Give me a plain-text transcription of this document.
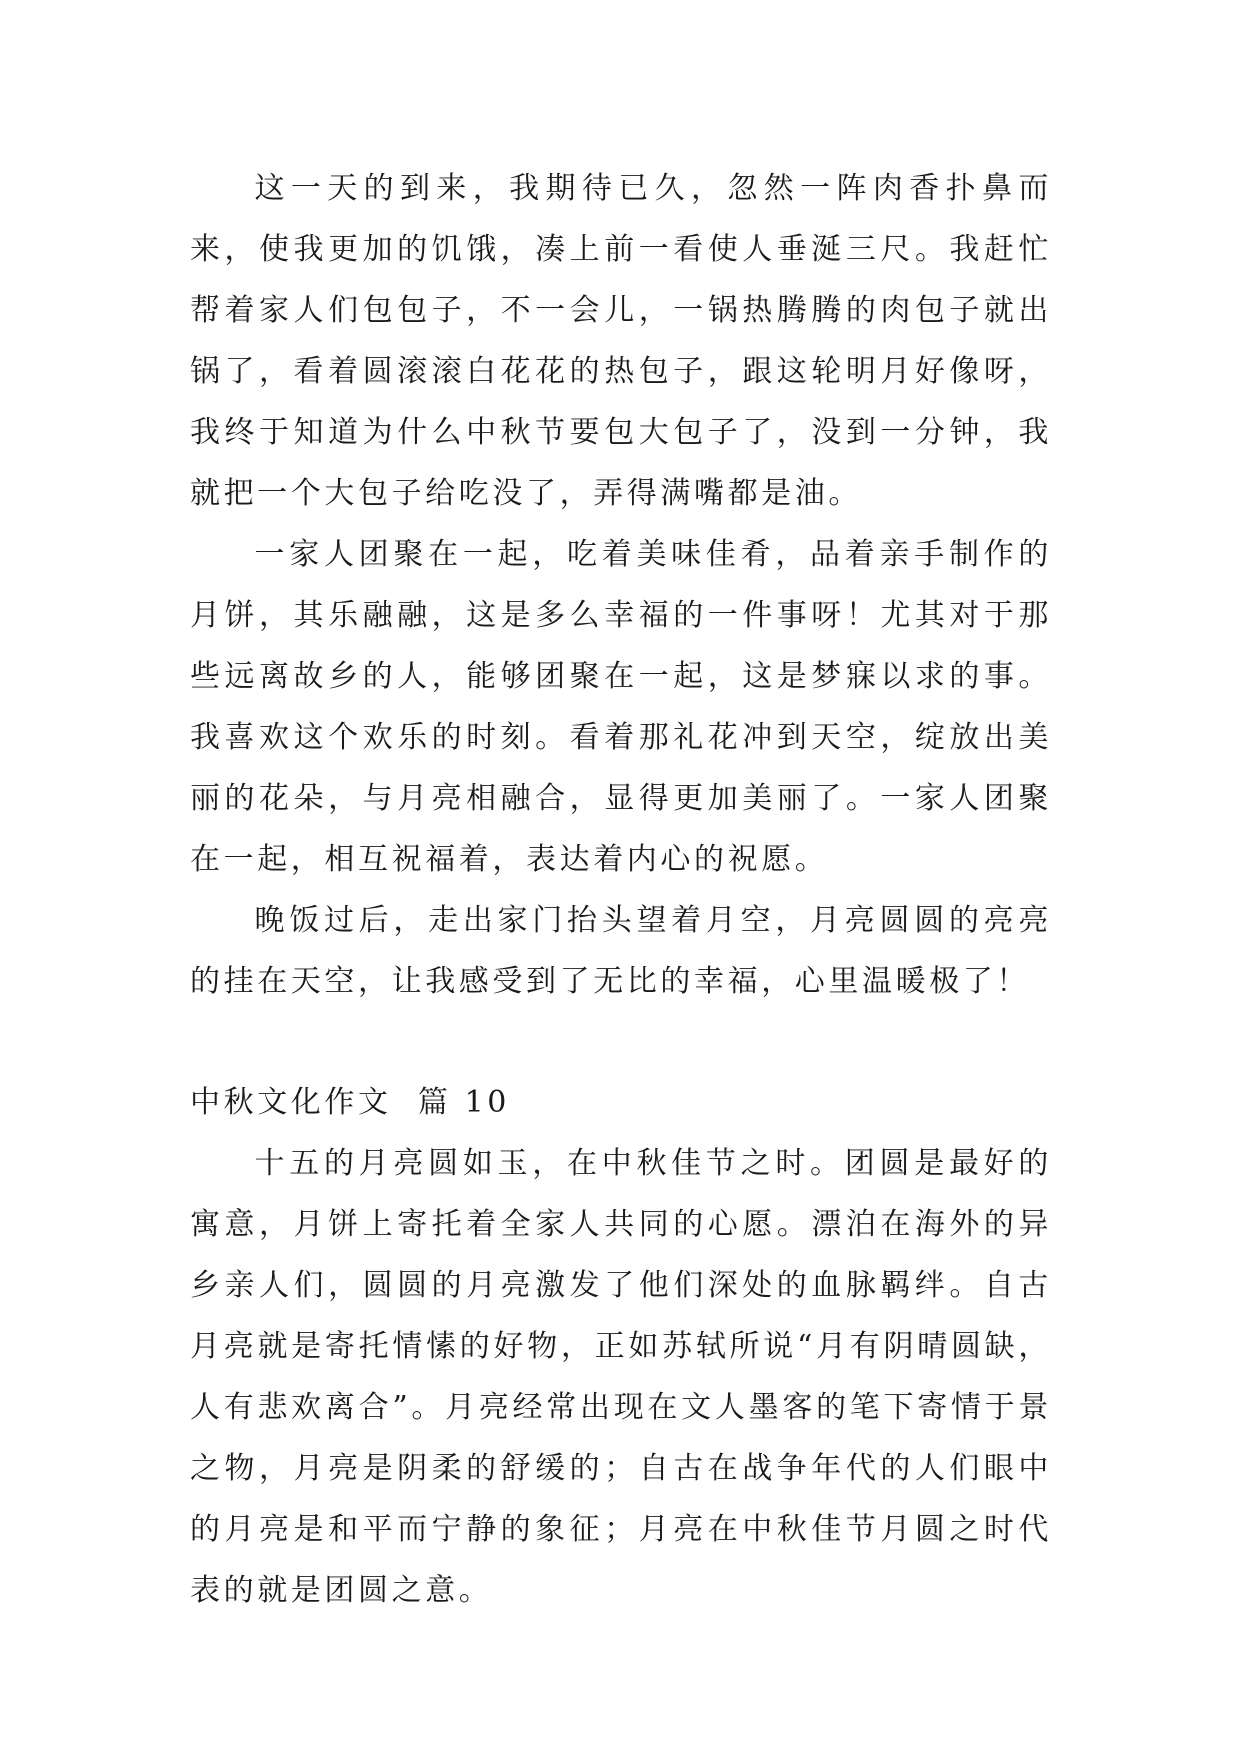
这一天的到来，我期待已久，忽然一阵肉香扑鼻而来，使我更加的饥饿，凑上前一看使人垂涎三尺。我赶忙帮着家人们包包子，不一会儿，一锅热腾腾的肉包子就出锅了，看着圆滚滚白花花的热包子，跟这轮明月好像呀，我终于知道为什么中秋节要包大包子了，没到一分钟，我就把一个大包子给吃没了，弄得满嘴都是油。

一家人团聚在一起，吃着美味佳肴，品着亲手制作的月饼，其乐融融，这是多么幸福的一件事呀！尤其对于那些远离故乡的人，能够团聚在一起，这是梦寐以求的事。我喜欢这个欢乐的时刻。看着那礼花冲到天空，绽放出美丽的花朵，与月亮相融合，显得更加美丽了。一家人团聚在一起，相互祝福着，表达着内心的祝愿。

晚饭过后，走出家门抬头望着月空，月亮圆圆的亮亮的挂在天空，让我感受到了无比的幸福，心里温暖极了！

中秋文化作文  篇 10

十五的月亮圆如玉，在中秋佳节之时。团圆是最好的寓意，月饼上寄托着全家人共同的心愿。漂泊在海外的异乡亲人们，圆圆的月亮激发了他们深处的血脉羁绊。自古月亮就是寄托情愫的好物，正如苏轼所说“月有阴晴圆缺，人有悲欢离合”。月亮经常出现在文人墨客的笔下寄情于景之物，月亮是阴柔的舒缓的；自古在战争年代的人们眼中的月亮是和平而宁静的象征；月亮在中秋佳节月圆之时代表的就是团圆之意。
